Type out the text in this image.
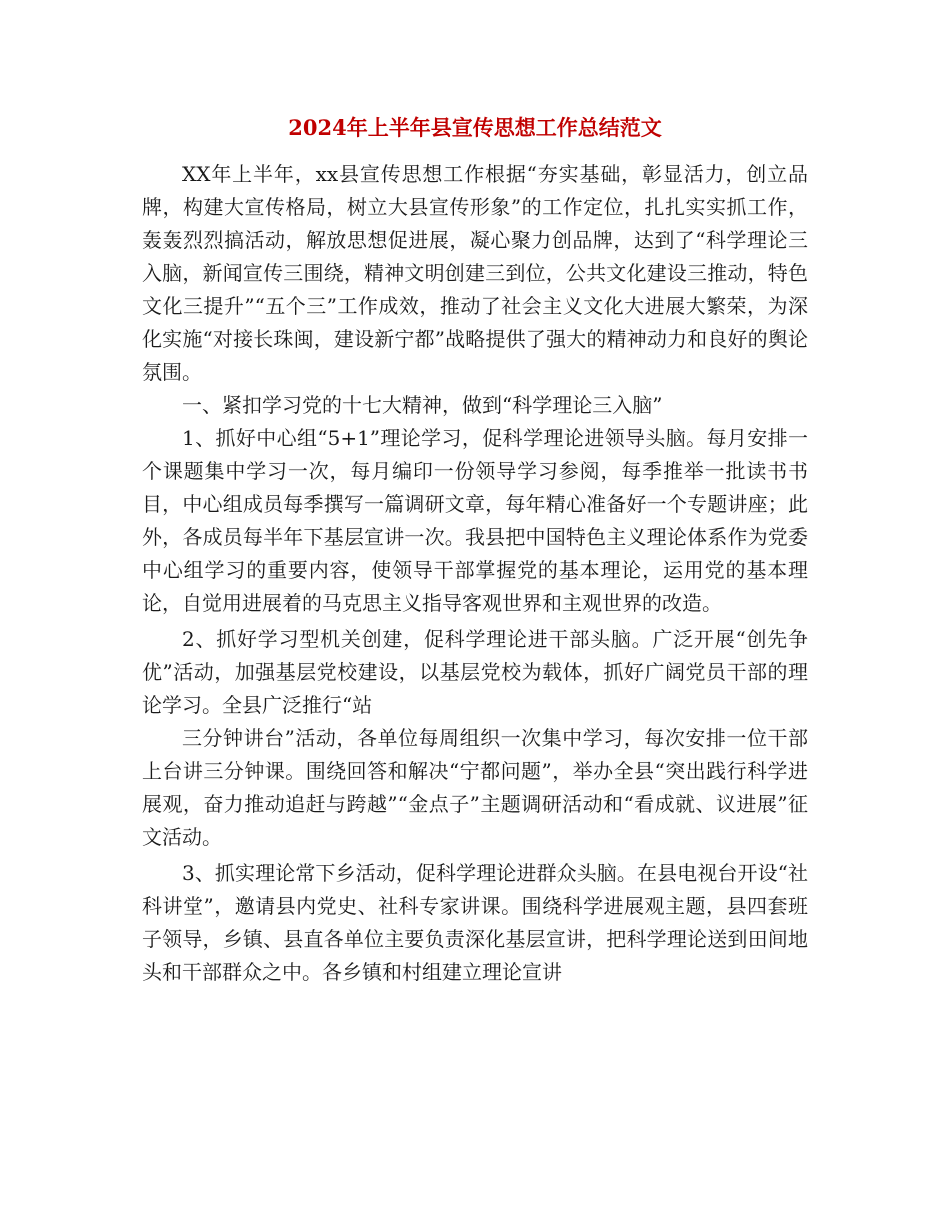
2024年上半年县宣传思想工作总结范文

XX年上半年，xx县宣传思想工作根据“夯实基础，彰显活力，创立品牌，构建大宣传格局，树立大县宣传形象”的工作定位，扎扎实实抓工作，轰轰烈烈搞活动，解放思想促进展，凝心聚力创品牌，达到了“科学理论三入脑，新闻宣传三围绕，精神文明创建三到位，公共文化建设三推动，特色文化三提升”“五个三”工作成效，推动了社会主义文化大进展大繁荣，为深化实施“对接长珠闽，建设新宁都”战略提供了强大的精神动力和良好的舆论氛围。

一、紧扣学习党的十七大精神，做到“科学理论三入脑”

1、抓好中心组“5+1”理论学习，促科学理论进领导头脑。每月安排一个课题集中学习一次，每月编印一份领导学习参阅，每季推举一批读书书目，中心组成员每季撰写一篇调研文章，每年精心准备好一个专题讲座；此外，各成员每半年下基层宣讲一次。我县把中国特色主义理论体系作为党委中心组学习的重要内容，使领导干部掌握党的基本理论，运用党的基本理论，自觉用进展着的马克思主义指导客观世界和主观世界的改造。

2、抓好学习型机关创建，促科学理论进干部头脑。广泛开展“创先争优”活动，加强基层党校建设，以基层党校为载体，抓好广阔党员干部的理论学习。全县广泛推行“站

三分钟讲台”活动，各单位每周组织一次集中学习，每次安排一位干部上台讲三分钟课。围绕回答和解决“宁都问题”，举办全县“突出践行科学进展观，奋力推动追赶与跨越”“金点子”主题调研活动和“看成就、议进展”征文活动。

3、抓实理论常下乡活动，促科学理论进群众头脑。在县电视台开设“社科讲堂”，邀请县内党史、社科专家讲课。围绕科学进展观主题，县四套班子领导，乡镇、县直各单位主要负责深化基层宣讲，把科学理论送到田间地头和干部群众之中。各乡镇和村组建立理论宣讲
